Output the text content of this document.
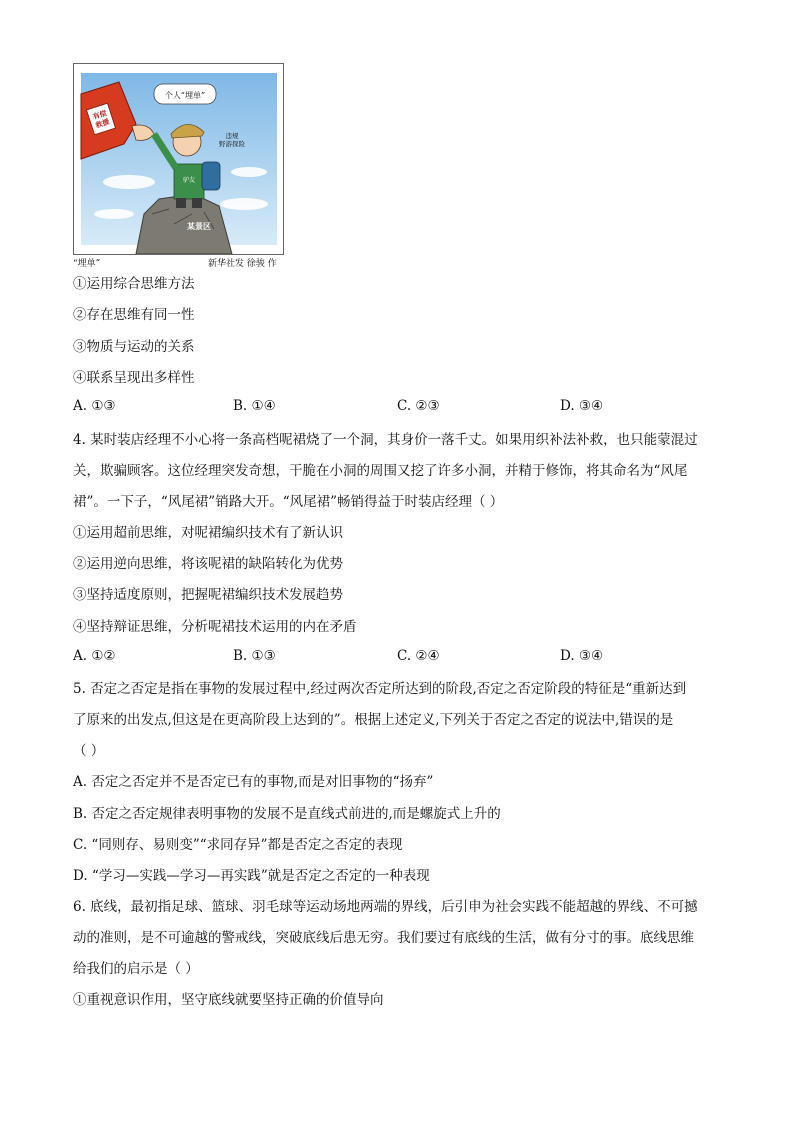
个人“埋单”
有偿
救援
违规
野游探险
驴友
某景区
“埋单”	新华社发 徐骏 作
①运用综合思维方法
②存在思维有同一性
③物质与运动的关系
④联系呈现出多样性
A. ①③	B. ①④	C. ②③	D. ③④
4. 某时装店经理不小心将一条高档呢裙烧了一个洞，其身价一落千丈。如果用织补法补救，也只能蒙混过
关，欺骗顾客。这位经理突发奇想，干脆在小洞的周围又挖了许多小洞，并精于修饰，将其命名为“风尾
裙”。一下子，“风尾裙”销路大开。“风尾裙”畅销得益于时装店经理（ ）
①运用超前思维，对呢裙编织技术有了新认识
②运用逆向思维，将该呢裙的缺陷转化为优势
③坚持适度原则，把握呢裙编织技术发展趋势
④坚持辩证思维，分析呢裙技术运用的内在矛盾
A. ①②	B. ①③	C. ②④	D. ③④
5. 否定之否定是指在事物的发展过程中,经过两次否定所达到的阶段,否定之否定阶段的特征是“重新达到
了原来的出发点,但这是在更高阶段上达到的”。根据上述定义,下列关于否定之否定的说法中,错误的是
（ ）
A. 否定之否定并不是否定已有的事物,而是对旧事物的“扬弃”
B. 否定之否定规律表明事物的发展不是直线式前进的,而是螺旋式上升的
C. “同则存、易则变”“求同存异”都是否定之否定的表现
D. “学习—实践—学习—再实践”就是否定之否定的一种表现
6. 底线，最初指足球、篮球、羽毛球等运动场地两端的界线，后引申为社会实践不能超越的界线、不可撼
动的准则，是不可逾越的警戒线，突破底线后患无穷。我们要过有底线的生活，做有分寸的事。底线思维
给我们的启示是（ ）
①重视意识作用，坚守底线就要坚持正确的价值导向
